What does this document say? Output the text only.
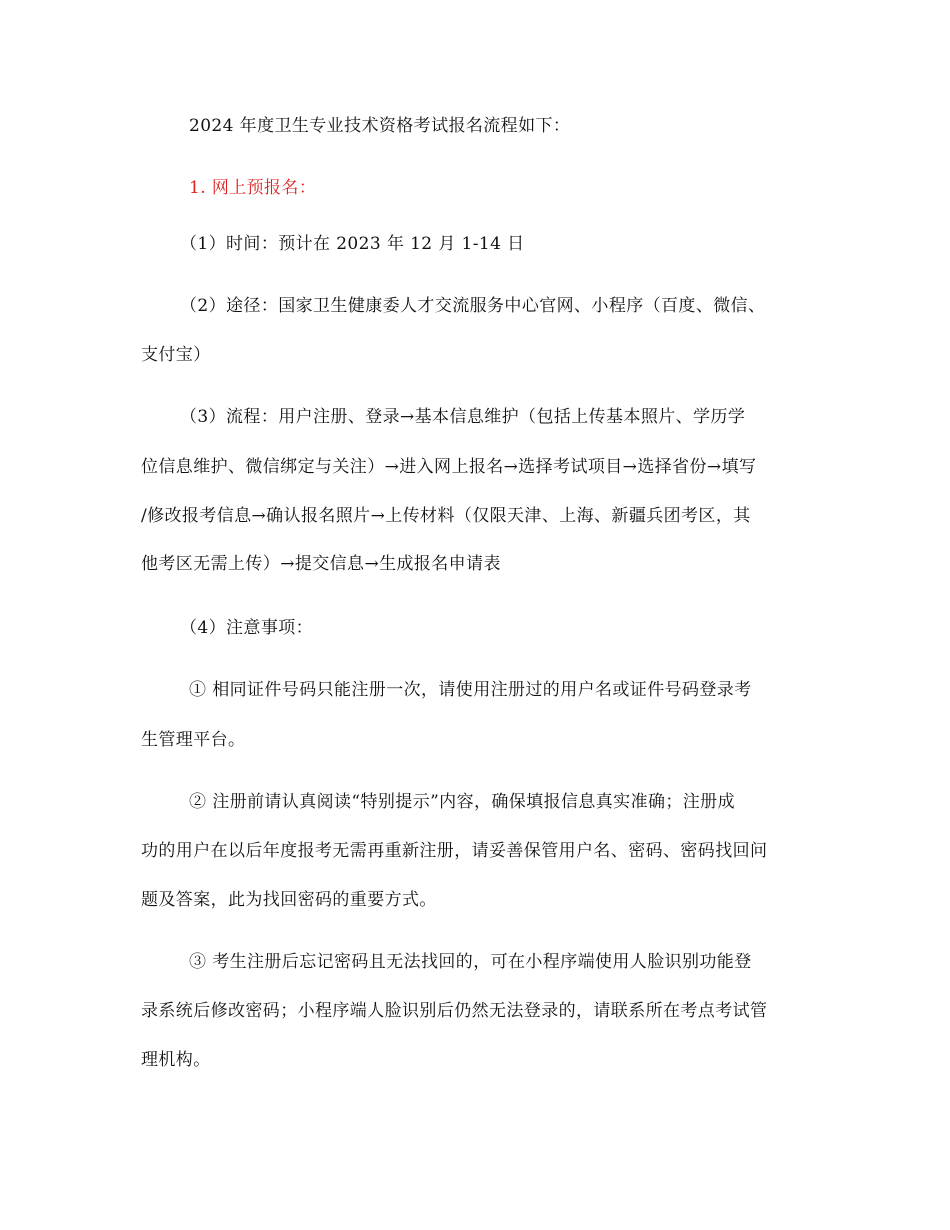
2024 年度卫生专业技术资格考试报名流程如下：
1. 网上预报名：
（1）时间：预计在 2023 年 12 月 1-14 日
（2）途径：国家卫生健康委人才交流服务中心官网、小程序（百度、微信、
支付宝）
（3）流程：用户注册、登录→基本信息维护（包括上传基本照片、学历学
位信息维护、微信绑定与关注）→进入网上报名→选择考试项目→选择省份→填写
/修改报考信息→确认报名照片→上传材料（仅限天津、上海、新疆兵团考区，其
他考区无需上传）→提交信息→生成报名申请表
（4）注意事项：
① 相同证件号码只能注册一次，请使用注册过的用户名或证件号码登录考
生管理平台。
② 注册前请认真阅读“特别提示”内容，确保填报信息真实准确；注册成
功的用户在以后年度报考无需再重新注册，请妥善保管用户名、密码、密码找回问
题及答案，此为找回密码的重要方式。
③ 考生注册后忘记密码且无法找回的，可在小程序端使用人脸识别功能登
录系统后修改密码；小程序端人脸识别后仍然无法登录的，请联系所在考点考试管
理机构。
